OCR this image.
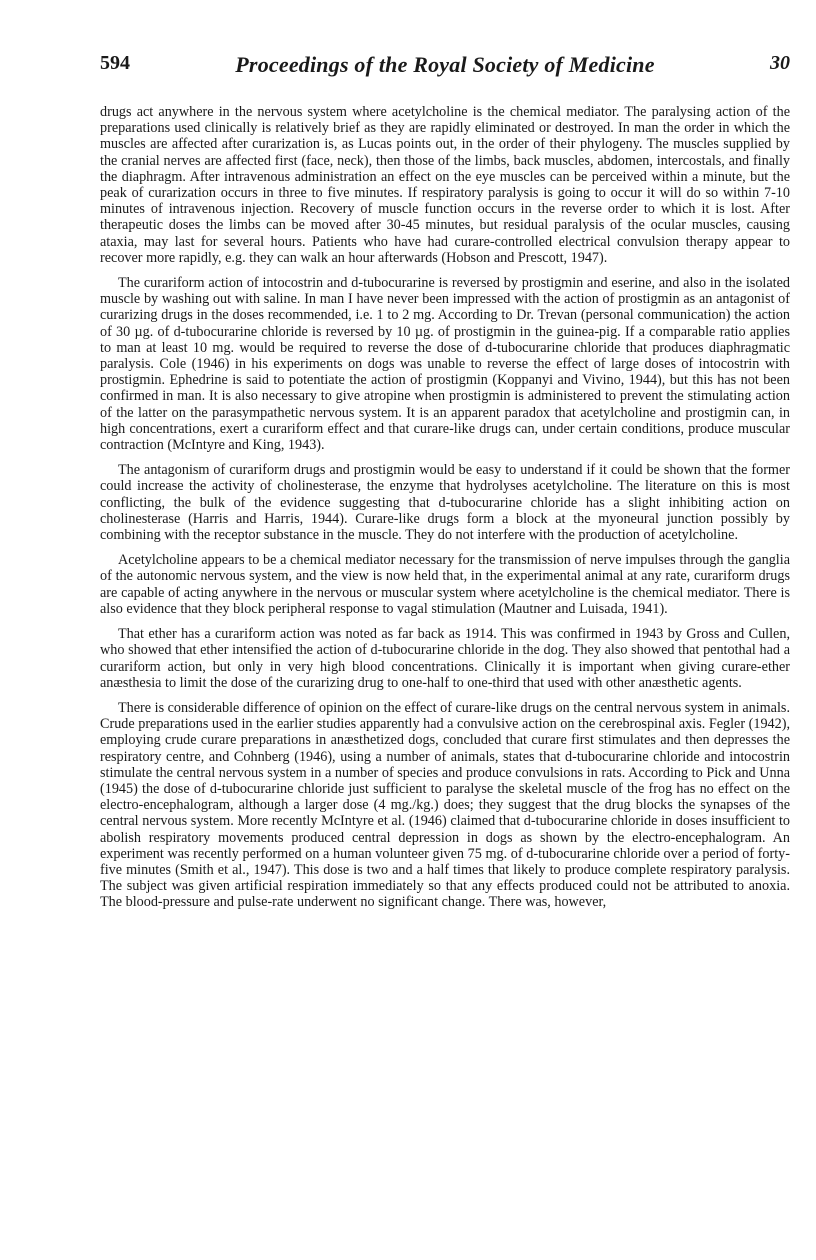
594	Proceedings of the Royal Society of Medicine	30

drugs act anywhere in the nervous system where acetylcholine is the chemical mediator. The paralysing action of the preparations used clinically is relatively brief as they are rapidly eliminated or destroyed. In man the order in which the muscles are affected after curarization is, as Lucas points out, in the order of their phylogeny. The muscles supplied by the cranial nerves are affected first (face, neck), then those of the limbs, back muscles, abdomen, intercostals, and finally the diaphragm. After intravenous administration an effect on the eye muscles can be perceived within a minute, but the peak of curarization occurs in three to five minutes. If respiratory paralysis is going to occur it will do so within 7-10 minutes of intravenous injection. Recovery of muscle function occurs in the reverse order to which it is lost. After therapeutic doses the limbs can be moved after 30-45 minutes, but residual paralysis of the ocular muscles, causing ataxia, may last for several hours. Patients who have had curare-controlled electrical convulsion therapy appear to recover more rapidly, e.g. they can walk an hour afterwards (Hobson and Prescott, 1947).

The curariform action of intocostrin and d-tubocurarine is reversed by prostigmin and eserine, and also in the isolated muscle by washing out with saline. In man I have never been impressed with the action of prostigmin as an antagonist of curarizing drugs in the doses recommended, i.e. 1 to 2 mg. According to Dr. Trevan (personal communication) the action of 30 µg. of d-tubocurarine chloride is reversed by 10 µg. of prostigmin in the guinea-pig. If a comparable ratio applies to man at least 10 mg. would be required to reverse the dose of d-tubocurarine chloride that produces diaphragmatic paralysis. Cole (1946) in his experiments on dogs was unable to reverse the effect of large doses of intocostrin with prostigmin. Ephedrine is said to potentiate the action of prostigmin (Koppanyi and Vivino, 1944), but this has not been confirmed in man. It is also necessary to give atropine when prostigmin is administered to prevent the stimulating action of the latter on the parasympathetic nervous system. It is an apparent paradox that acetylcholine and prostigmin can, in high concentrations, exert a curariform effect and that curare-like drugs can, under certain conditions, produce muscular contraction (McIntyre and King, 1943).

The antagonism of curariform drugs and prostigmin would be easy to understand if it could be shown that the former could increase the activity of cholinesterase, the enzyme that hydrolyses acetylcholine. The literature on this is most conflicting, the bulk of the evidence suggesting that d-tubocurarine chloride has a slight inhibiting action on cholinesterase (Harris and Harris, 1944). Curare-like drugs form a block at the myoneural junction possibly by combining with the receptor substance in the muscle. They do not interfere with the production of acetylcholine.

Acetylcholine appears to be a chemical mediator necessary for the transmission of nerve impulses through the ganglia of the autonomic nervous system, and the view is now held that, in the experimental animal at any rate, curariform drugs are capable of acting anywhere in the nervous or muscular system where acetylcholine is the chemical mediator. There is also evidence that they block peripheral response to vagal stimulation (Mautner and Luisada, 1941).

That ether has a curariform action was noted as far back as 1914. This was confirmed in 1943 by Gross and Cullen, who showed that ether intensified the action of d-tubocurarine chloride in the dog. They also showed that pentothal had a curariform action, but only in very high blood concentrations. Clinically it is important when giving curare-ether anæsthesia to limit the dose of the curarizing drug to one-half to one-third that used with other anæsthetic agents.

There is considerable difference of opinion on the effect of curare-like drugs on the central nervous system in animals. Crude preparations used in the earlier studies apparently had a convulsive action on the cerebrospinal axis. Fegler (1942), employing crude curare preparations in anæsthetized dogs, concluded that curare first stimulates and then depresses the respiratory centre, and Cohnberg (1946), using a number of animals, states that d-tubocurarine chloride and intocostrin stimulate the central nervous system in a number of species and produce convulsions in rats. According to Pick and Unna (1945) the dose of d-tubocurarine chloride just sufficient to paralyse the skeletal muscle of the frog has no effect on the electro-encephalogram, although a larger dose (4 mg./kg.) does; they suggest that the drug blocks the synapses of the central nervous system. More recently McIntyre et al. (1946) claimed that d-tubocurarine chloride in doses insufficient to abolish respiratory movements produced central depression in dogs as shown by the electro-encephalogram. An experiment was recently performed on a human volunteer given 75 mg. of d-tubocurarine chloride over a period of forty-five minutes (Smith et al., 1947). This dose is two and a half times that likely to produce complete respiratory paralysis. The subject was given artificial respiration immediately so that any effects produced could not be attributed to anoxia. The blood-pressure and pulse-rate underwent no significant change. There was, however,
